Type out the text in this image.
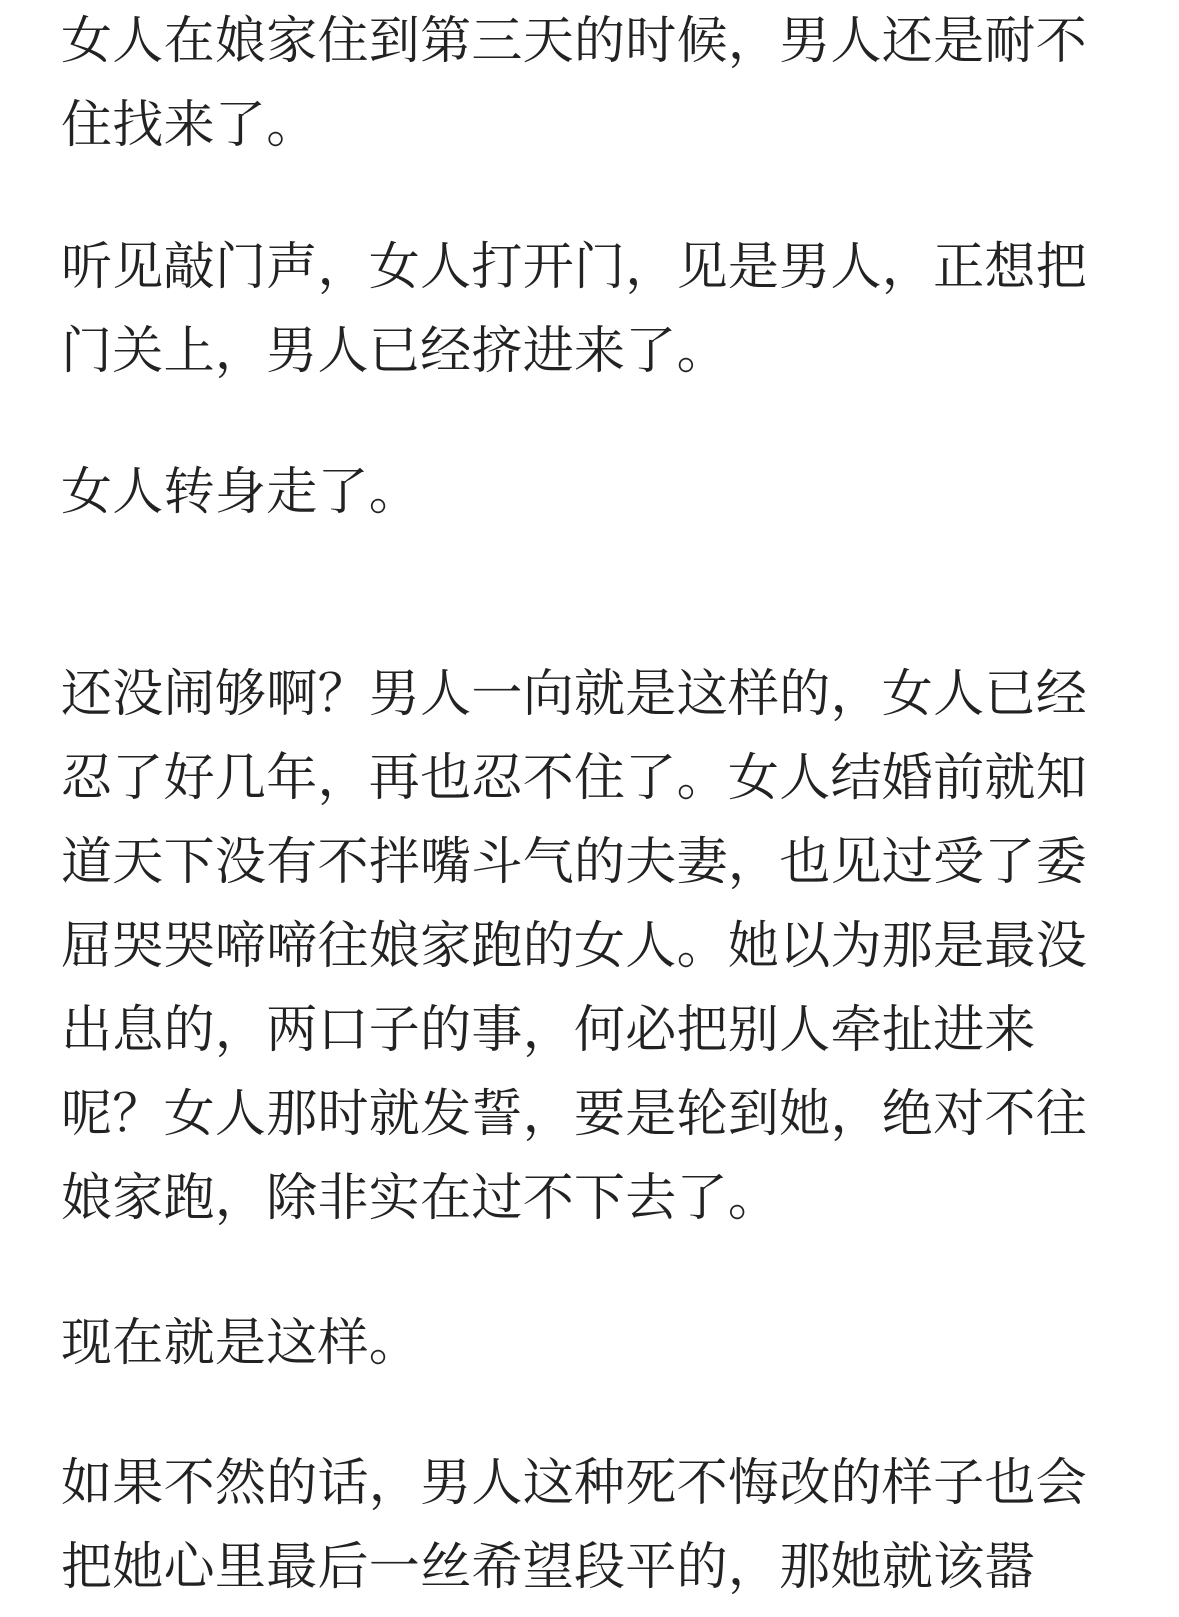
女人在娘家住到第三天的时候，男人还是耐不住找来了。

听见敲门声，女人打开门，见是男人，正想把门关上，男人已经挤进来了。

女人转身走了。

还没闹够啊？男人一向就是这样的，女人已经忍了好几年，再也忍不住了。女人结婚前就知道天下没有不拌嘴斗气的夫妻，也见过受了委屈哭哭啼啼往娘家跑的女人。她以为那是最没出息的，两口子的事，何必把别人牵扯进来呢？女人那时就发誓，要是轮到她，绝对不往娘家跑，除非实在过不下去了。

现在就是这样。

如果不然的话，男人这种死不悔改的样子也会把她心里最后一丝希望段平的，那她就该嚣
